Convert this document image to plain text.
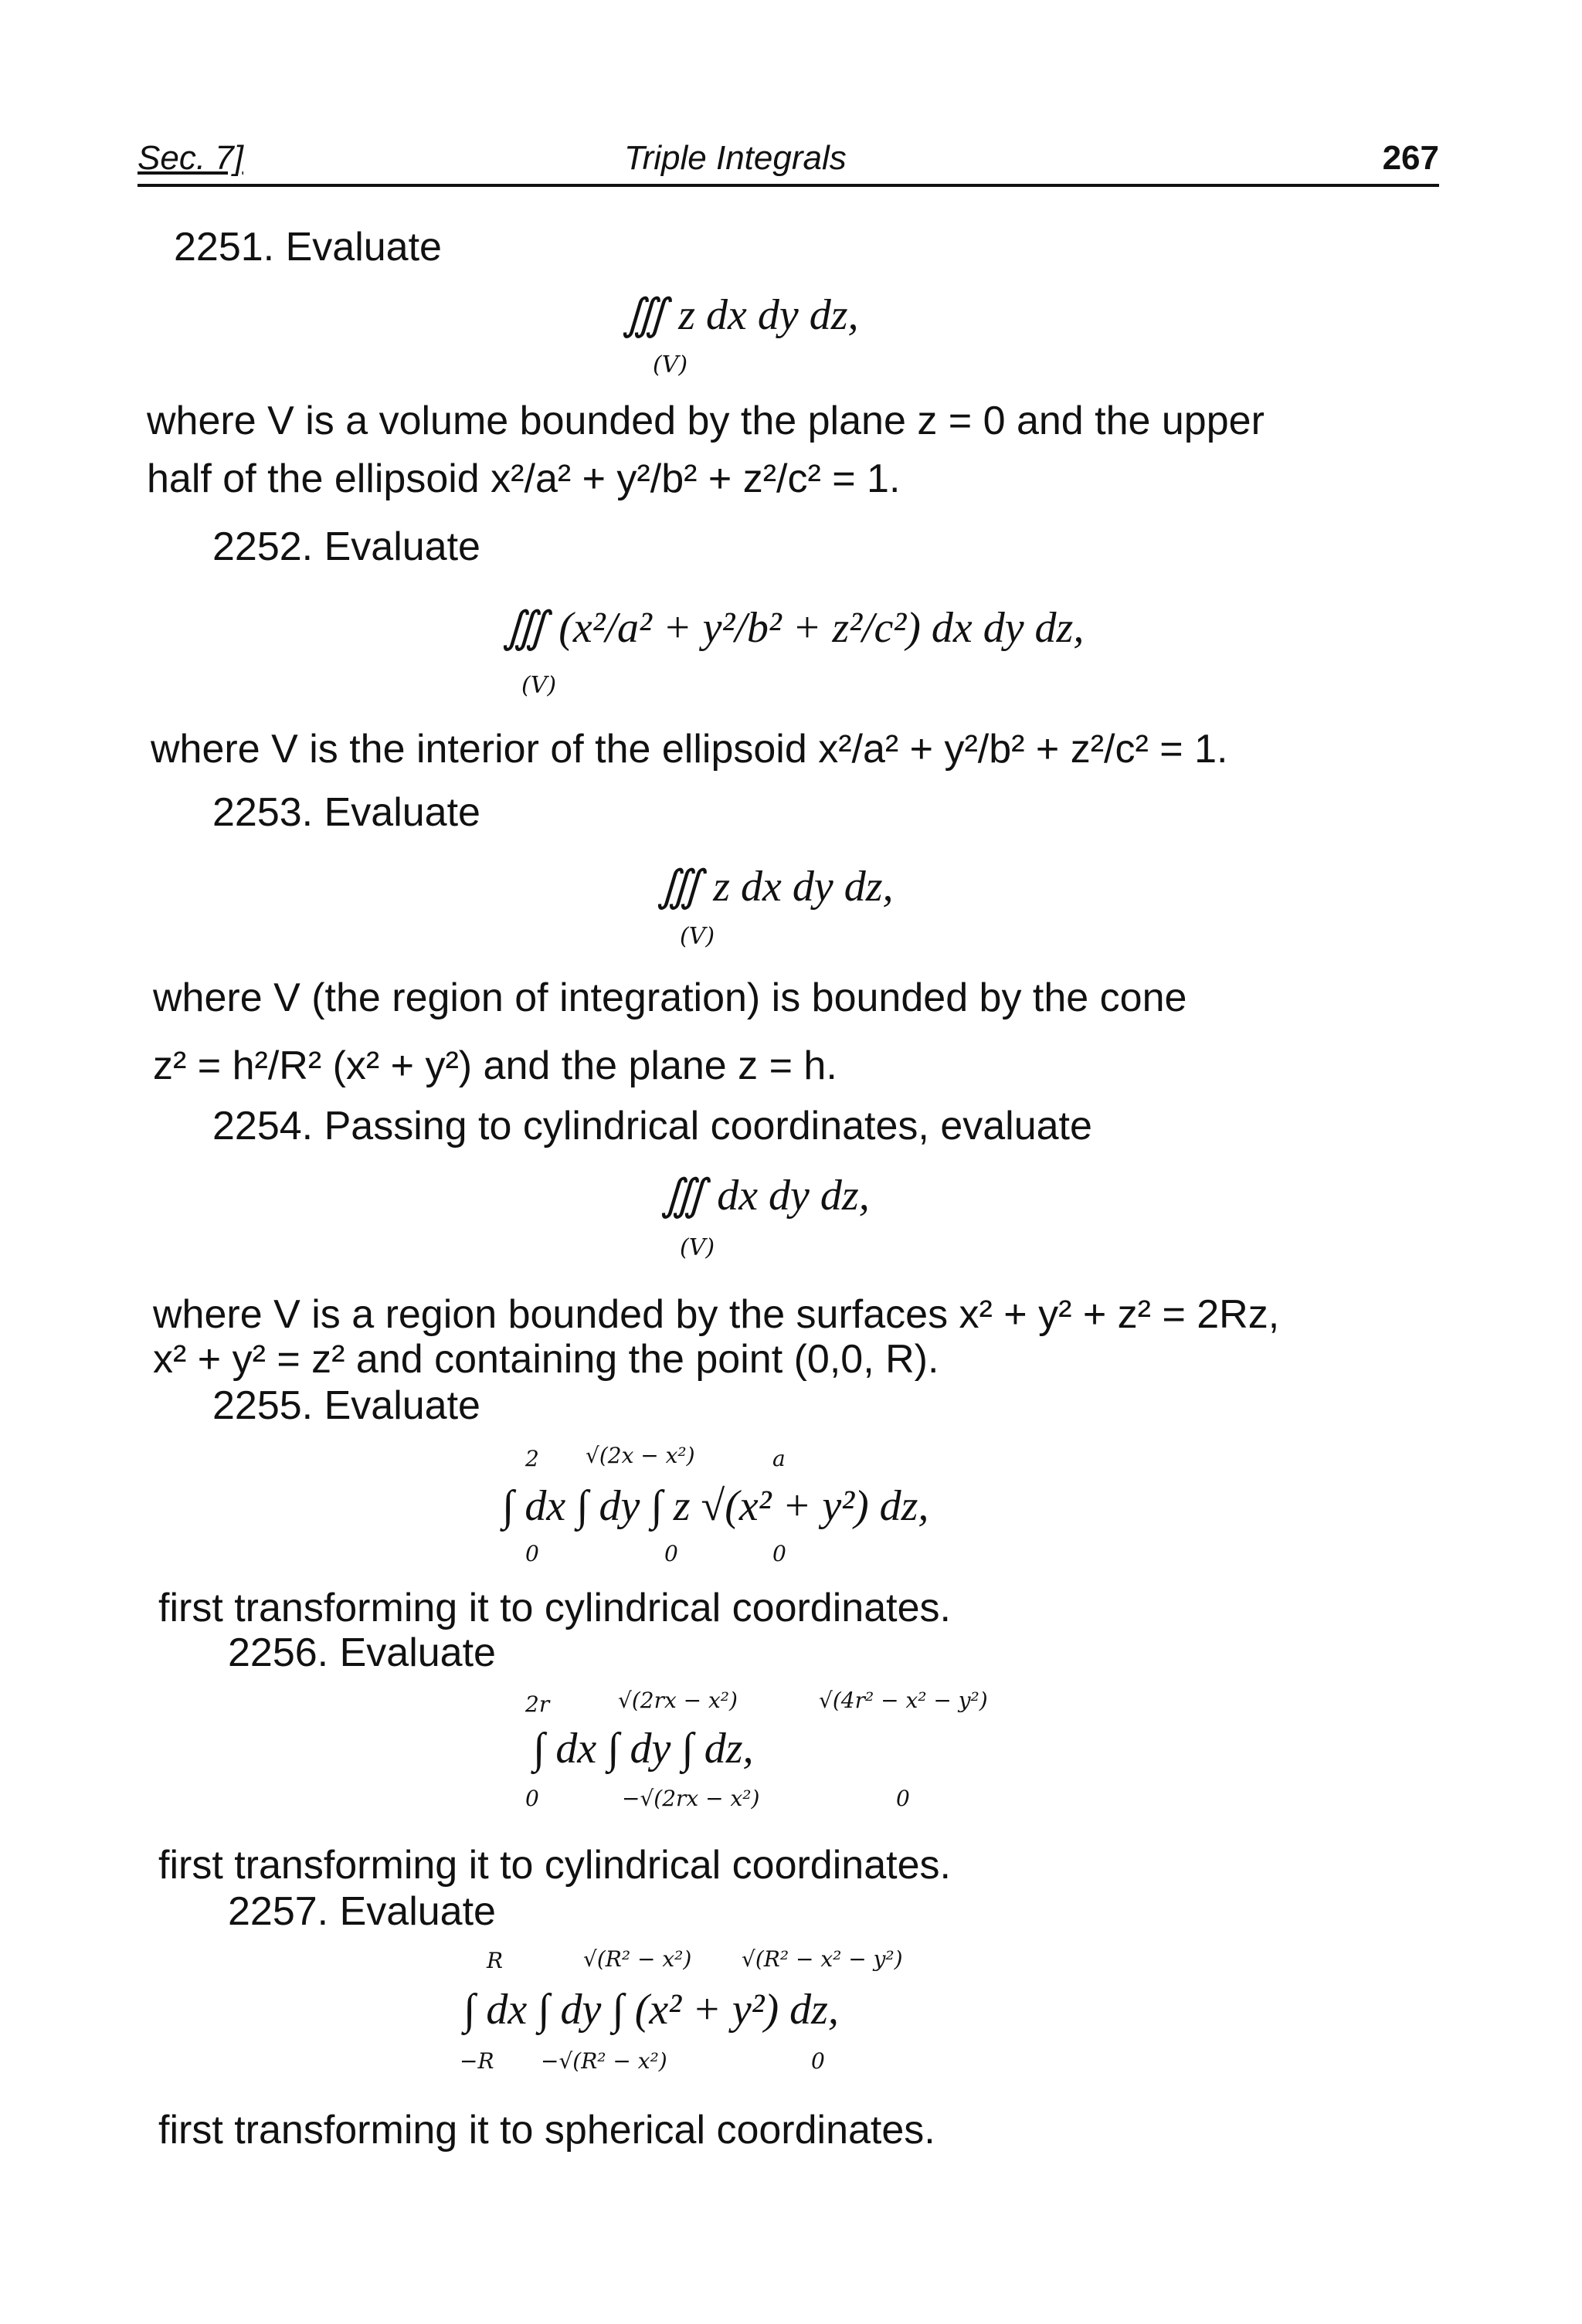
Sec. 7]	Triple Integrals	267
2251. Evaluate
∭ z dx dy dz,
(V)
where V is a volume bounded by the plane z = 0 and the upper
half of the ellipsoid x²/a² + y²/b² + z²/c² = 1.
2252. Evaluate
∭ (x²/a² + y²/b² + z²/c²) dx dy dz,
(V)
where V is the interior of the ellipsoid x²/a² + y²/b² + z²/c² = 1.
2253. Evaluate
∭ z dx dy dz,
(V)
where V (the region of integration) is bounded by the cone
z² = h²/R² (x² + y²) and the plane z = h.
2254. Passing to cylindrical coordinates, evaluate
∭ dx dy dz,
(V)
where V is a region bounded by the surfaces x² + y² + z² = 2Rz,
x² + y² = z² and containing the point (0,0, R).
2255. Evaluate
2 √(2x − x²)	a
∫ dx ∫ dy ∫ z √(x² + y²) dz,
0	0	0
first transforming it to cylindrical coordinates.
2256. Evaluate
2r	√(2rx − x²)	√(4r² − x² − y²)
∫ dx ∫ dy ∫ dz,
0	−√(2rx − x²)	0
first transforming it to cylindrical coordinates.
2257. Evaluate
R	√(R² − x²) √(R² − x² − y²)
∫ dx ∫ dy ∫ (x² + y²) dz,
−R −√(R² − x²)	0
first transforming it to spherical coordinates.
